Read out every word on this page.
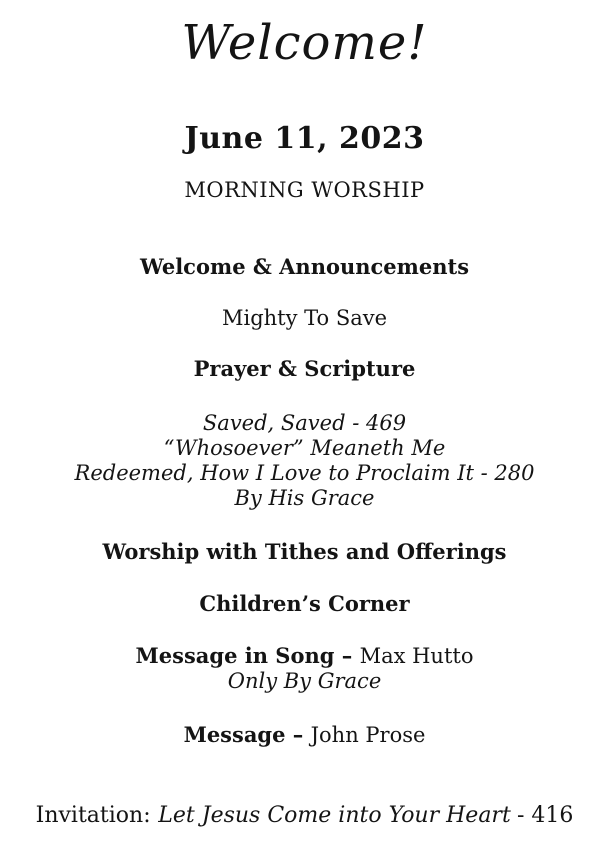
Welcome!
June 11, 2023
MORNING WORSHIP
Welcome & Announcements
Mighty To Save
Prayer & Scripture
Saved, Saved - 469
“Whosoever” Meaneth Me
Redeemed, How I Love to Proclaim It - 280
By His Grace
Worship with Tithes and Offerings
Children’s Corner
Message in Song – Max Hutto
Only By Grace
Message – John Prose
Invitation: Let Jesus Come into Your Heart - 416
